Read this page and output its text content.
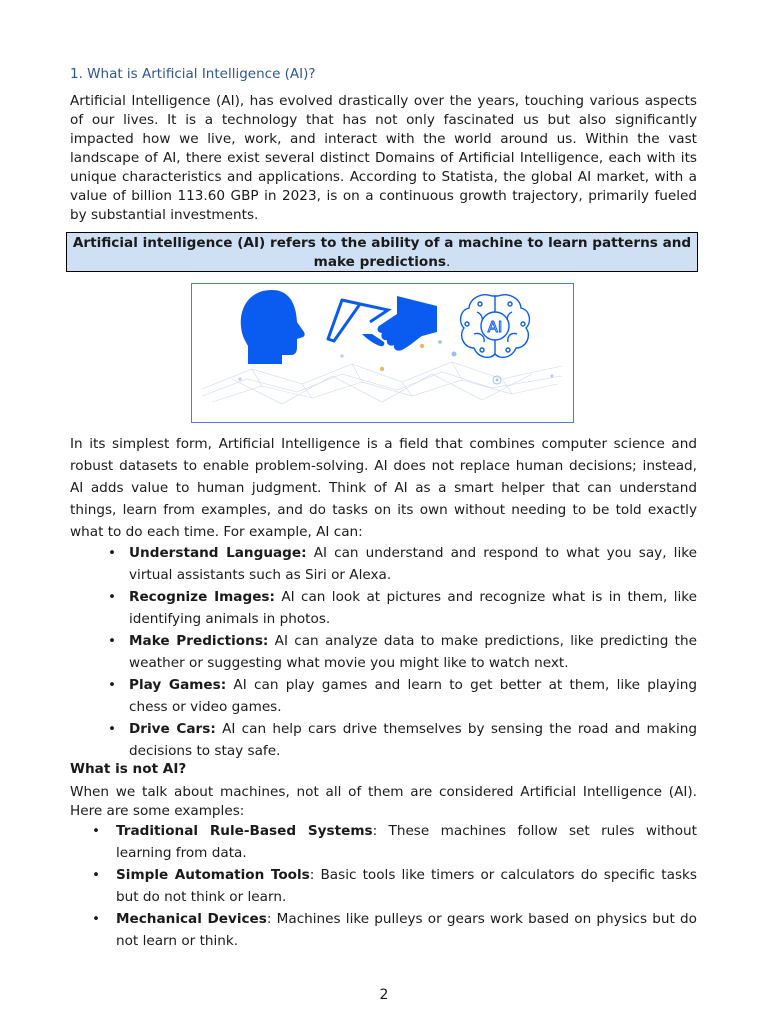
1. What is Artificial Intelligence (AI)?

Artificial Intelligence (AI), has evolved drastically over the years, touching various aspects of our lives. It is a technology that has not only fascinated us but also significantly impacted how we live, work, and interact with the world around us. Within the vast landscape of AI, there exist several distinct Domains of Artificial Intelligence, each with its unique characteristics and applications. According to Statista, the global AI market, with a value of billion 113.60 GBP in 2023, is on a continuous growth trajectory, primarily fueled by substantial investments.

Artificial intelligence (AI) refers to the ability of a machine to learn patterns and make predictions.
AI

In its simplest form, Artificial Intelligence is a field that combines computer science and robust datasets to enable problem-solving. AI does not replace human decisions; instead, AI adds value to human judgment. Think of AI as a smart helper that can understand things, learn from examples, and do tasks on its own without needing to be told exactly what to do each time. For example, AI can:

• Understand Language: AI can understand and respond to what you say, like virtual assistants such as Siri or Alexa.
• Recognize Images: AI can look at pictures and recognize what is in them, like identifying animals in photos.
• Make Predictions: AI can analyze data to make predictions, like predicting the weather or suggesting what movie you might like to watch next.
• Play Games: AI can play games and learn to get better at them, like playing chess or video games.
• Drive Cars: AI can help cars drive themselves by sensing the road and making decisions to stay safe.
What is not AI?

When we talk about machines, not all of them are considered Artificial Intelligence (AI). Here are some examples:

• Traditional Rule-Based Systems: These machines follow set rules without learning from data.
• Simple Automation Tools: Basic tools like timers or calculators do specific tasks but do not think or learn.
• Mechanical Devices: Machines like pulleys or gears work based on physics but do not learn or think.
2
